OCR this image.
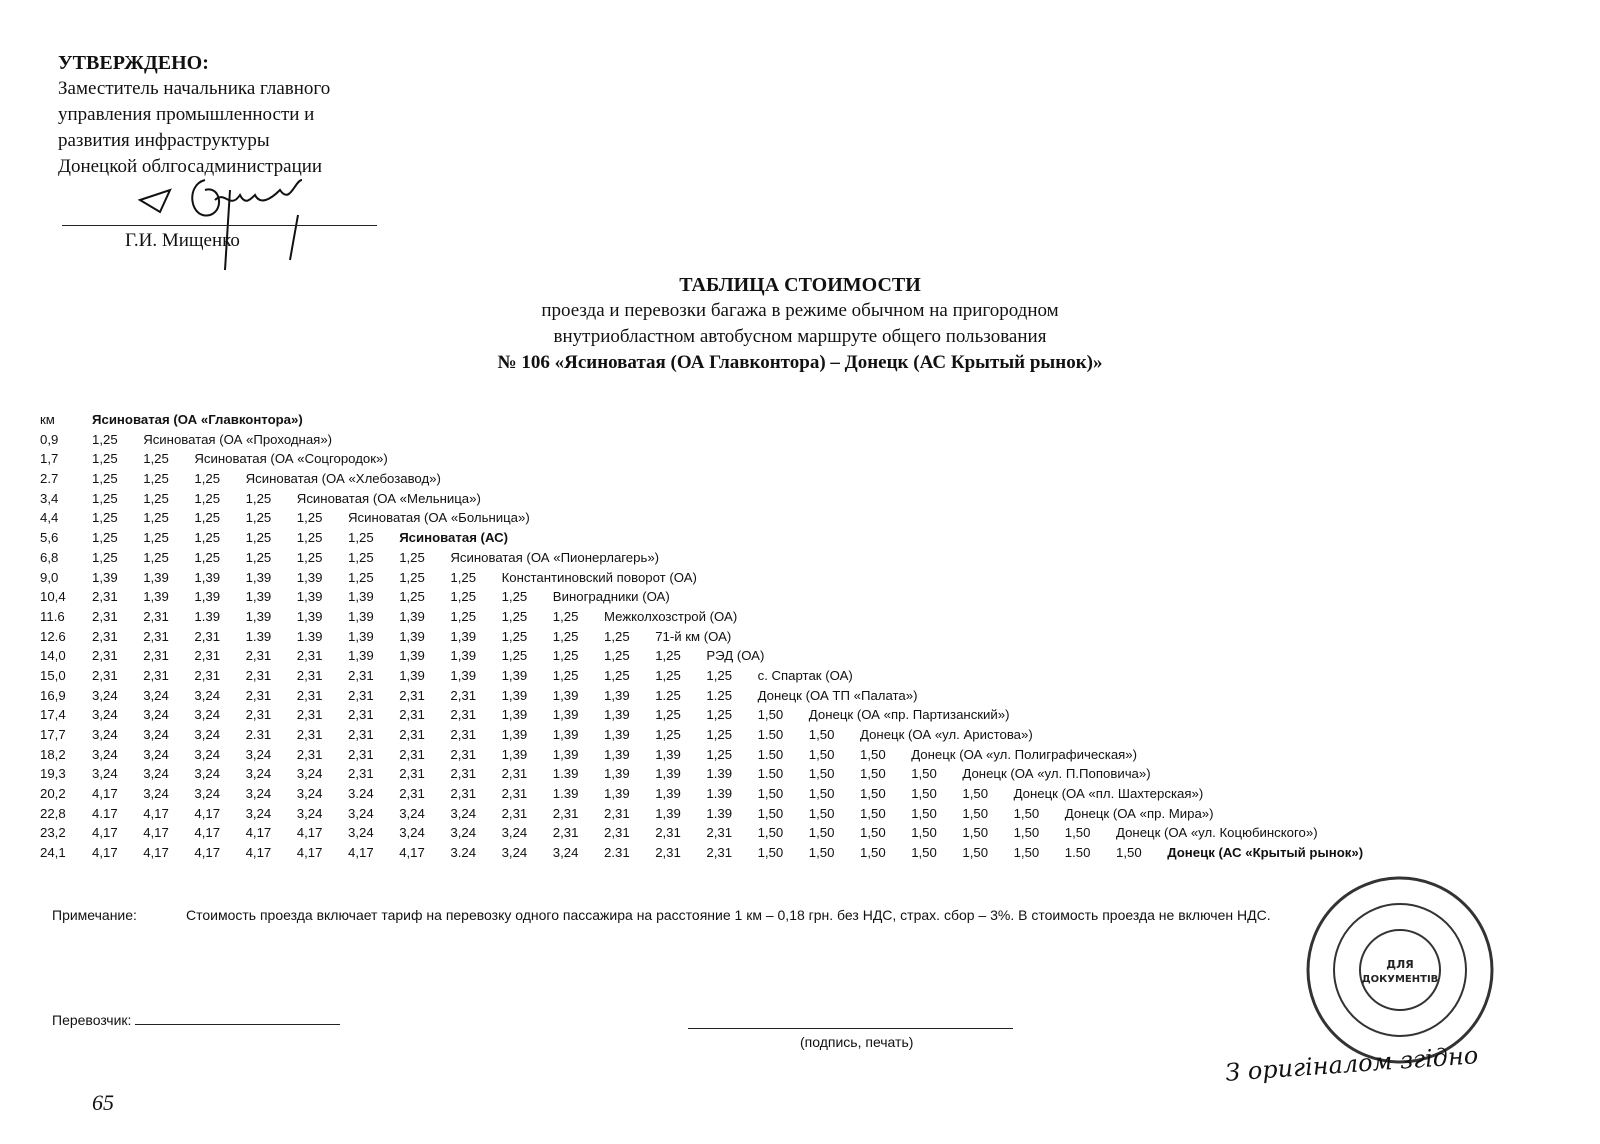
УТВЕРЖДЕНО:
Заместитель начальника главного
управления промышленности и
развития инфраструктуры
Донецкой облгосадминистрации
Г.И. Мищенко
ТАБЛИЦА СТОИМОСТИ
проезда и перевозки багажа в режиме обычном на пригородном
внутриобластном автобусном маршруте общего пользования
№ 106 «Ясиноватая (ОА Главконтора) – Донецк (АС Крытый рынок)»
км	Ясиноватая (ОА «Главконтора»)
0,9	1,25 Ясиноватая (ОА «Проходная»)
1,7	1,25 1,25 Ясиноватая (ОА «Соцгородок»)
2.7	1,25 1,25 1,25 Ясиноватая (ОА «Хлебозавод»)
3,4	1,25 1,25 1,25 1,25 Ясиноватая (ОА «Мельница»)
4,4	1,25 1,25 1,25 1,25 1,25 Ясиноватая (ОА «Больница»)
5,6	1,25 1,25 1,25 1,25 1,25 1,25 Ясиноватая (АС)
6,8	1,25 1,25 1,25 1,25 1,25 1,25 1,25 Ясиноватая (ОА «Пионерлагерь»)
9,0	1,39 1,39 1,39 1,39 1,39 1,25 1,25 1,25 Константиновский поворот (ОА)
10,4 2,31 1,39 1,39 1,39 1,39 1,39 1,25 1,25 1,25 Виноградники (ОА)
11.6 2,31 2,31 1.39 1,39 1,39 1,39 1,39 1,25 1,25 1,25 Межколхозстрой (ОА)
12.6 2,31 2,31 2,31 1.39 1.39 1,39 1,39 1,39 1,25 1,25 1,25 71-й км (ОА)
14,0 2,31 2,31 2,31 2,31 2,31 1,39 1,39 1,39 1,25 1,25 1,25 1,25 РЭД (ОА)
15,0 2,31 2,31 2,31 2,31 2,31 2,31 1,39 1,39 1,39 1,25 1,25 1,25 1,25 с. Спартак (ОА)
16,9 3,24 3,24 3,24 2,31 2,31 2,31 2,31 2,31 1,39 1,39 1,39 1.25 1.25 Донецк (ОА ТП «Палата»)
17,4 3,24 3,24 3,24 2,31 2,31 2,31 2,31 2,31 1,39 1,39 1,39 1,25 1,25 1,50 Донецк (ОА «пр. Партизанский»)
17,7 3,24 3,24 3,24 2.31 2,31 2,31 2,31 2,31 1,39 1,39 1,39 1,25 1,25 1.50 1,50 Донецк (ОА «ул. Аристова»)
18,2 3,24 3,24 3,24 3,24 2,31 2,31 2,31 2,31 1,39 1,39 1,39 1,39 1,25 1.50 1,50 1,50 Донецк (ОА «ул. Полиграфическая»)
19,3 3,24 3,24 3,24 3,24 3,24 2,31 2,31 2,31 2,31 1.39 1,39 1,39 1.39 1.50 1,50 1,50 1,50 Донецк (ОА «ул. П.Поповича»)
20,2 4,17 3,24 3,24 3,24 3,24 3.24 2,31 2,31 2,31 1.39 1,39 1,39 1.39 1,50 1,50 1,50 1,50 1,50 Донецк (ОА «пл. Шахтерская»)
22,8 4.17 4,17 4,17 3,24 3,24 3,24 3,24 3,24 2,31 2,31 2,31 1,39 1.39 1,50 1,50 1,50 1,50 1,50 1,50 Донецк (ОА «пр. Мира»)
23,2 4,17 4,17 4,17 4,17 4,17 3,24 3,24 3,24 3,24 2,31 2,31 2,31 2,31 1,50 1,50 1,50 1,50 1,50 1,50 1,50 Донецк (ОА «ул. Коцюбинского»)
24,1 4,17 4,17 4,17 4,17 4,17 4,17 4,17 3.24 3,24 3,24 2.31 2,31 2,31 1,50 1,50 1,50 1,50 1,50 1,50 1.50 1,50 Донецк (АС «Крытый рынок»)
Примечание:	Стоимость проезда включает тариф на перевозку одного пассажира на расстояние 1 км – 0,18 грн. без НДС, страх. сбор – 3%. В стоимость проезда не включен НДС.
Перевозчик:
(подпись, печать)
ДЛЯ
ДОКУМЕНТІВ
З оригіналом згідно
65
